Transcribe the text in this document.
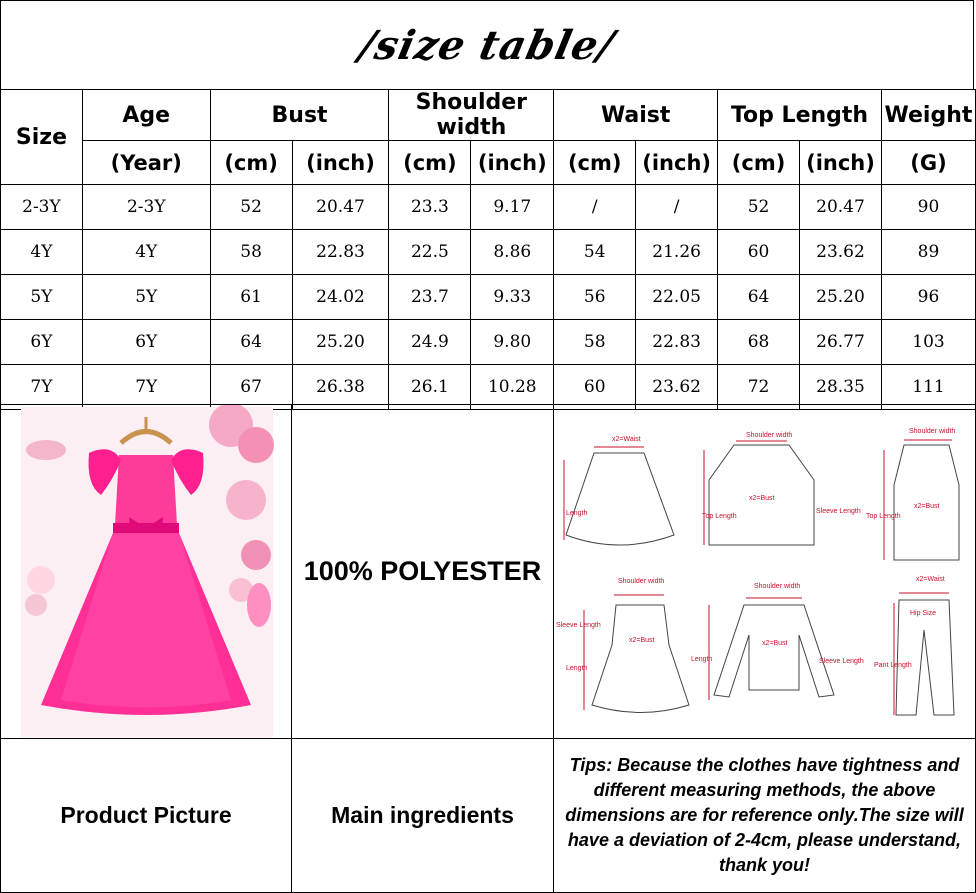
/size table/
Size	Age	Bust		Shoulder width		Waist		Top Length		Weight
	(Year)	(cm)	(inch)	(cm)	(inch)	(cm)	(inch)	(cm)	(inch)	(G)
2-3Y	2-3Y	52	20.47	23.3	9.17	/	/	52	20.47	90
4Y	4Y	58	22.83	22.5	8.86	54	21.26	60	23.62	89
5Y	5Y	61	24.02	23.7	9.33	56	22.05	64	25.20	96
6Y	6Y	64	25.20	24.9	9.80	58	22.83	68	26.77	103
7Y	7Y	67	26.38	26.1	10.28	60	23.62	72	28.35	111
100% POLYESTER
x2=Waist
Length
Shoulder width
x2=Bust
Top Length
Sleeve Length
Shoulder width
Top Length
x2=Bust
Shoulder width
Sleeve Length
x2=Bust
Length
Shoulder width
x2=Bust
Length	Sleeve Length
x2=Waist
Hip Size
Pant Length
Product Picture	Main ingredients
Tips: Because the clothes have tightness and different measuring methods, the above dimensions are for reference only.The size will have a deviation of 2-4cm, please understand, thank you!
